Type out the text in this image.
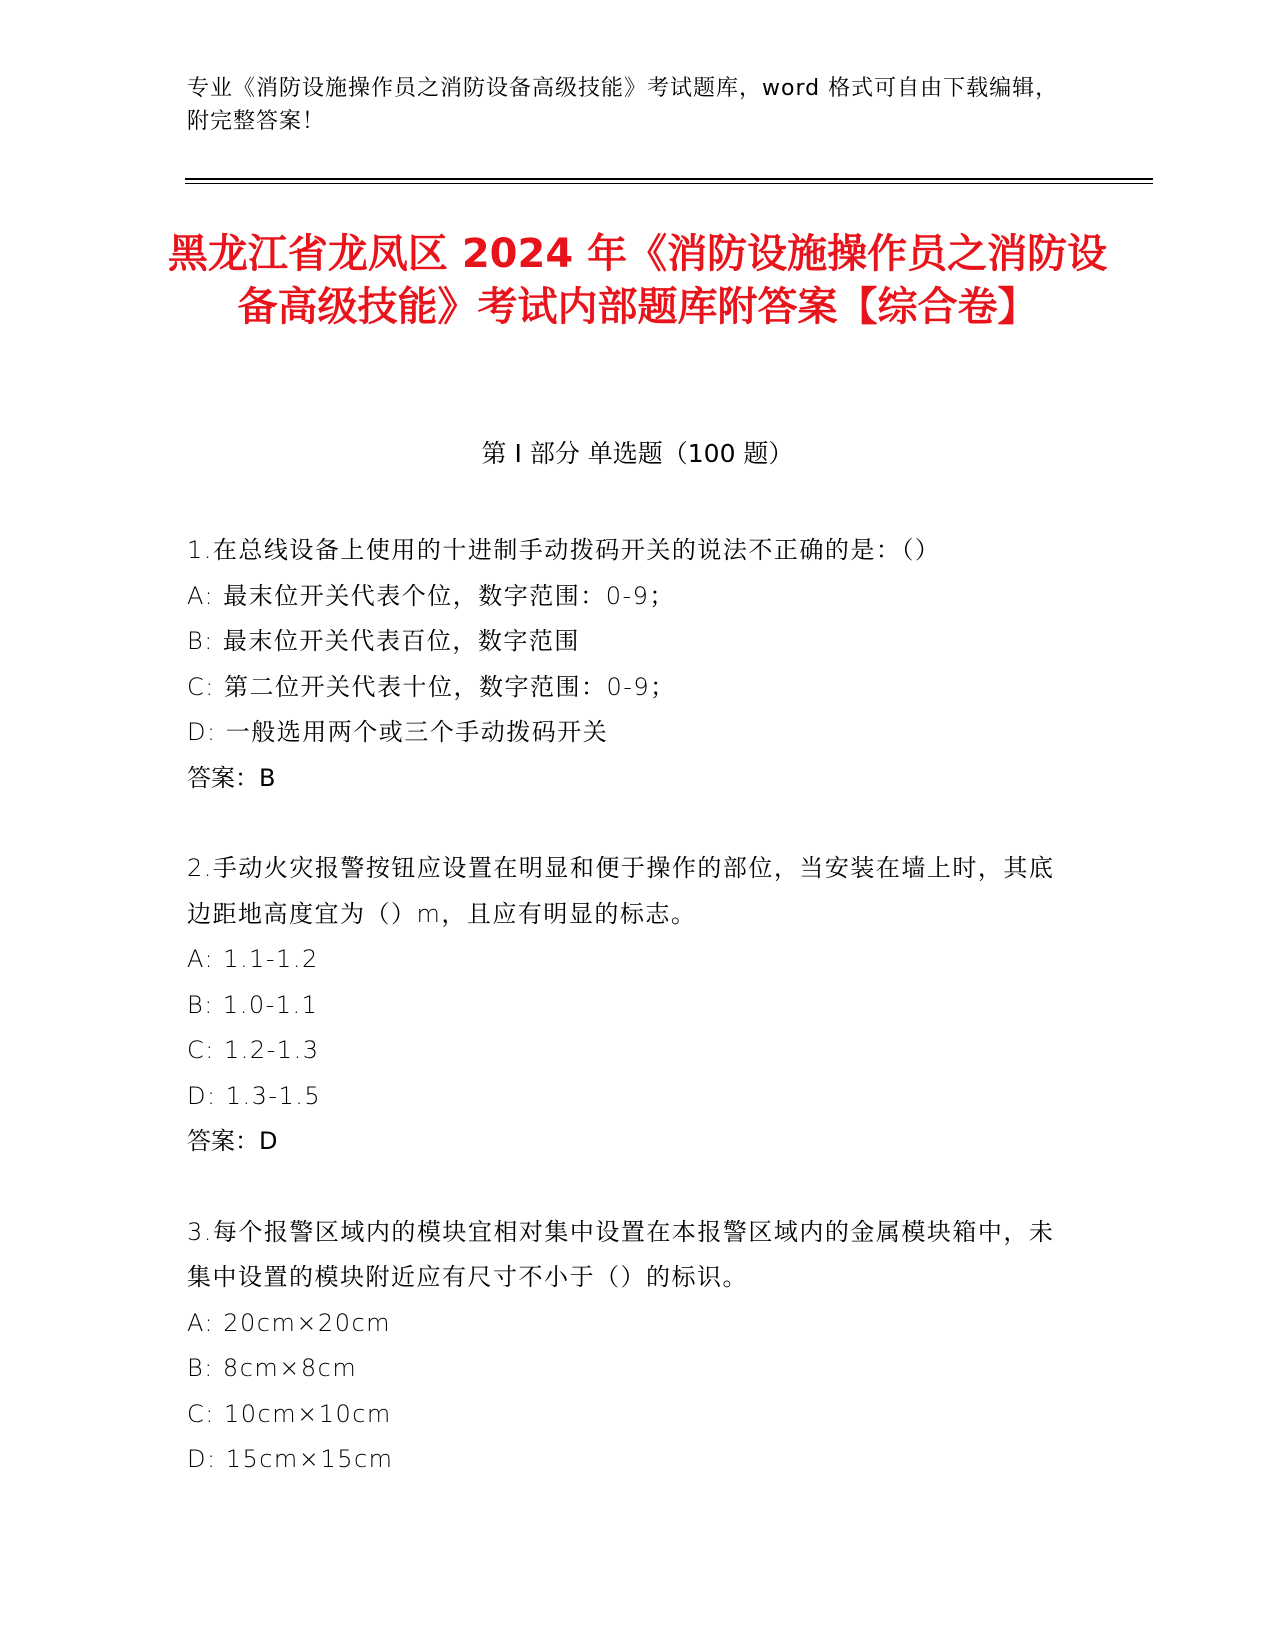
专业《消防设施操作员之消防设备高级技能》考试题库，word 格式可自由下载编辑，附完整答案！
黑龙江省龙凤区 2024 年《消防设施操作员之消防设备高级技能》考试内部题库附答案【综合卷】
第 I 部分 单选题（100 题）
1.在总线设备上使用的十进制手动拨码开关的说法不正确的是：（）
A: 最末位开关代表个位，数字范围：0-9；
B: 最末位开关代表百位，数字范围
C: 第二位开关代表十位，数字范围：0-9；
D: 一般选用两个或三个手动拨码开关
答案：B
2.手动火灾报警按钮应设置在明显和便于操作的部位，当安装在墙上时，其底边距地高度宜为（）m，且应有明显的标志。
A: 1.1-1.2
B: 1.0-1.1
C: 1.2-1.3
D: 1.3-1.5
答案：D
3.每个报警区域内的模块宜相对集中设置在本报警区域内的金属模块箱中，未集中设置的模块附近应有尺寸不小于（）的标识。
A: 20cm×20cm
B: 8cm×8cm
C: 10cm×10cm
D: 15cm×15cm
